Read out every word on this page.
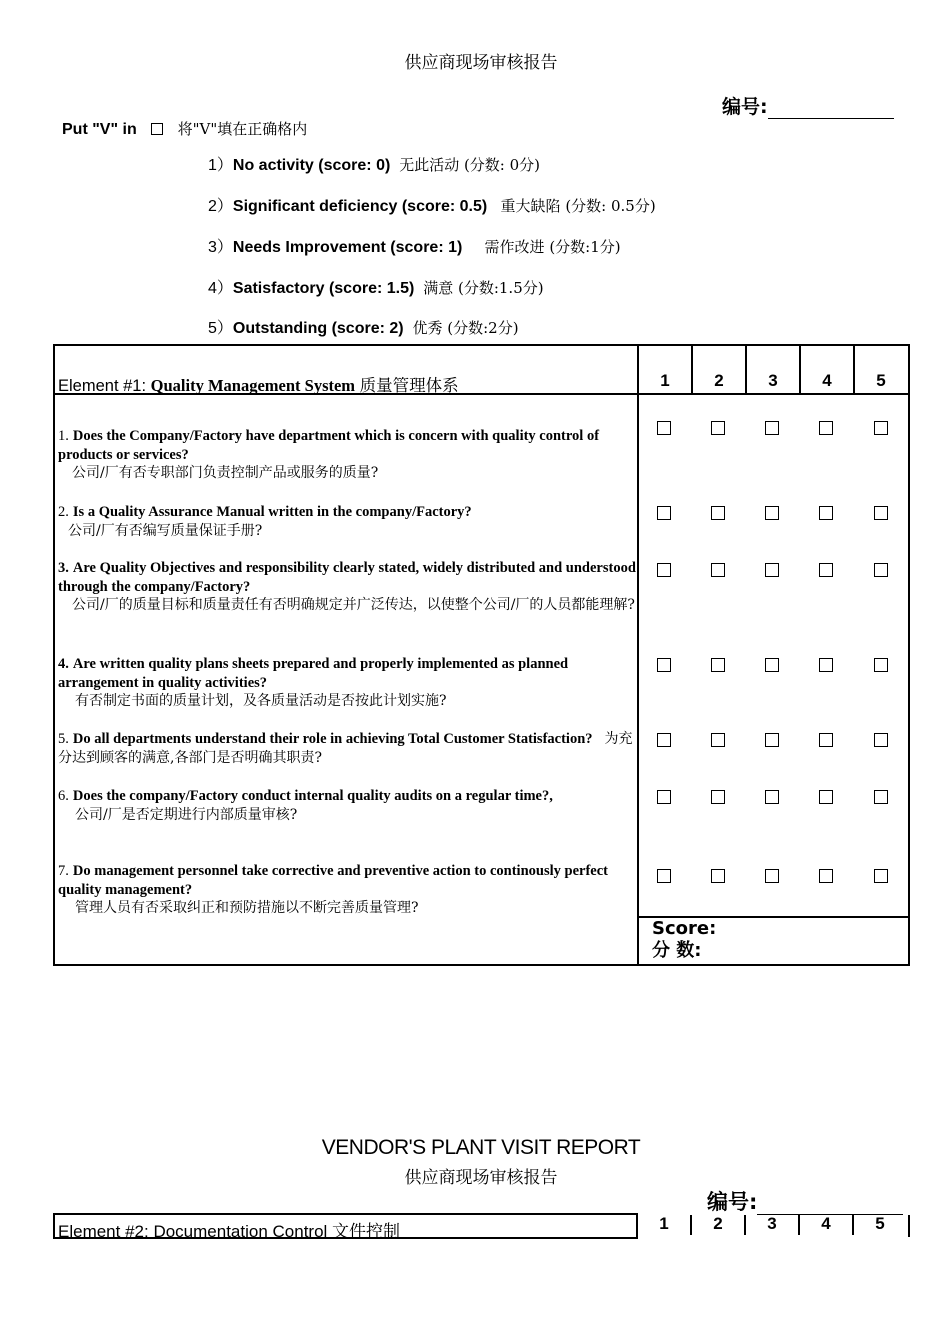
供应商现场审核报告
编号:
Put "V" in	将"V"填在正确格内
1）No activity (score: 0) 无此活动 (分数: 0分)
2）Significant deficiency (score: 0.5) 重大缺陷 (分数: 0.5分)
3）Needs Improvement (score: 1) 需作改进 (分数:1分)
4）Satisfactory (score: 1.5) 满意 (分数:1.5分)
5）Outstanding (score: 2) 优秀 (分数:2分)
Element #1: Quality Management System 质量管理体系	1	2	3	4	5
1. Does the Company/Factory have department which is concern with quality control of products or services?
公司/厂有否专职部门负责控制产品或服务的质量?
2. Is a Quality Assurance Manual written in the company/Factory?
公司/厂有否编写质量保证手册?
3. Are Quality Objectives and responsibility clearly stated, widely distributed and understood through the company/Factory?
公司/厂的质量目标和质量责任有否明确规定并广泛传达，以使整个公司/厂的人员都能理解?
4. Are written quality plans sheets prepared and properly implemented as planned arrangement in quality activities?
有否制定书面的质量计划，及各质量活动是否按此计划实施?
5. Do all departments understand their role in achieving Total Customer Statisfaction? 为充分达到顾客的满意,各部门是否明确其职责?
6. Does the company/Factory conduct internal quality audits on a regular time?,
公司/厂是否定期进行内部质量审核?
7. Do management personnel take corrective and preventive action to continously perfect quality management?
管理人员有否采取纠正和预防措施以不断完善质量管理?
Score:
分 数:
VENDOR'S PLANT VISIT REPORT
供应商现场审核报告
编号:
Element #2: Documentation Control 文件控制	1	2	3	4	5
